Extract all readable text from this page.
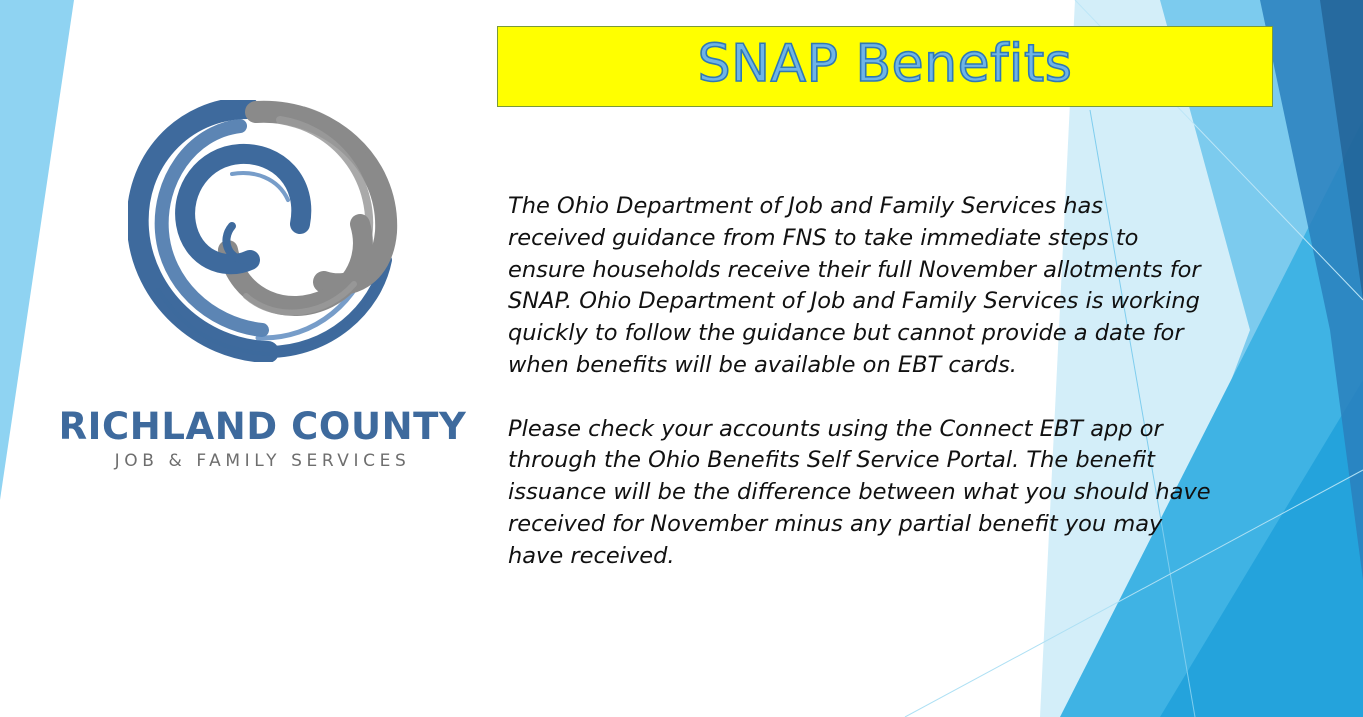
SNAP Benefits
RICHLAND COUNTY
JOB & FAMILY SERVICES
The Ohio Department of Job and Family Services has
received guidance from FNS to take immediate steps to
ensure households receive their full November allotments for
SNAP. Ohio Department of Job and Family Services is working
quickly to follow the guidance but cannot provide a date for
when benefits will be available on EBT cards.
Please check your accounts using the Connect EBT app or
through the Ohio Benefits Self Service Portal. The benefit
issuance will be the difference between what you should have
received for November minus any partial benefit you may
have received.
